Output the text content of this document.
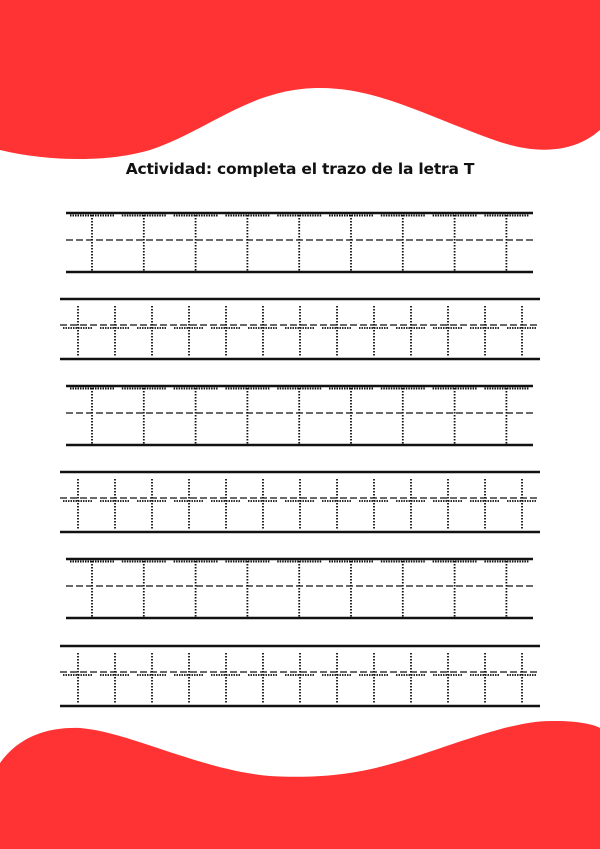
Actividad: completa el trazo de la letra T
